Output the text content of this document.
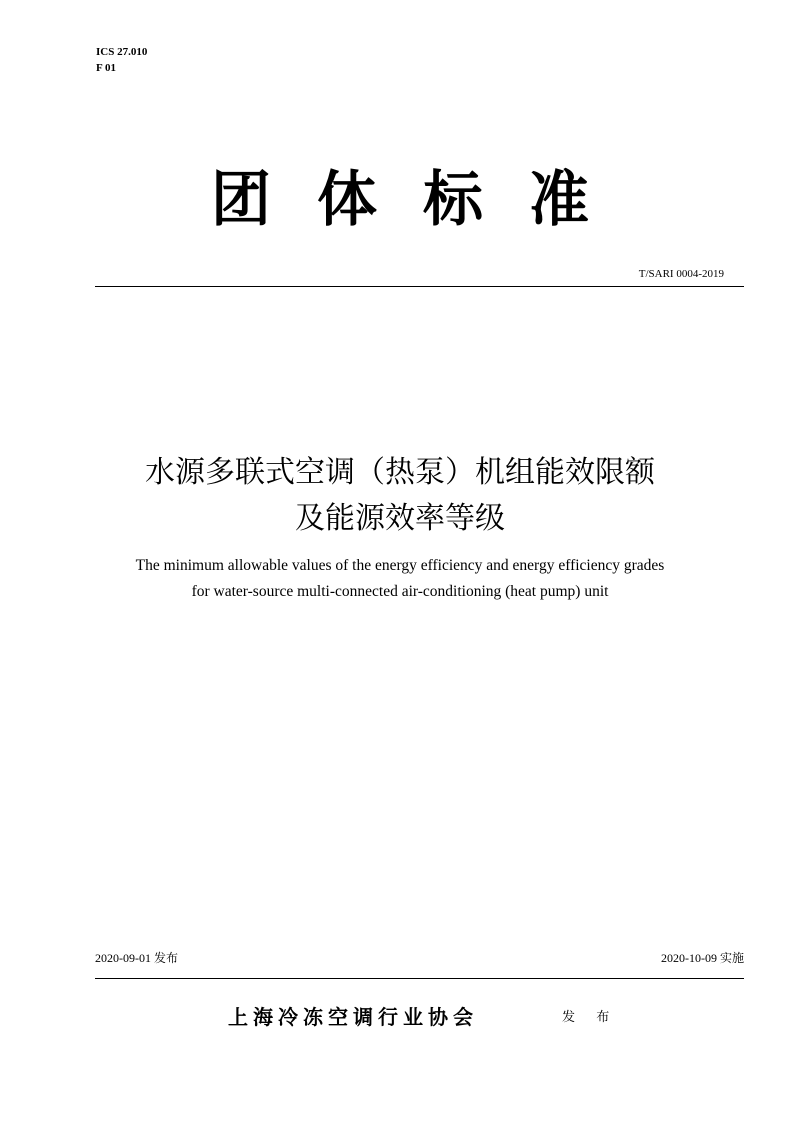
ICS 27.010
F 01
团体标准
T/SARI 0004-2019
水源多联式空调（热泵）机组能效限额
及能源效率等级
The minimum allowable values of the energy efficiency and energy efficiency grades
for water-source multi-connected air-conditioning (heat pump) unit
2020-09-01 发布	2020-10-09 实施
上海冷冻空调行业协会	发 布
